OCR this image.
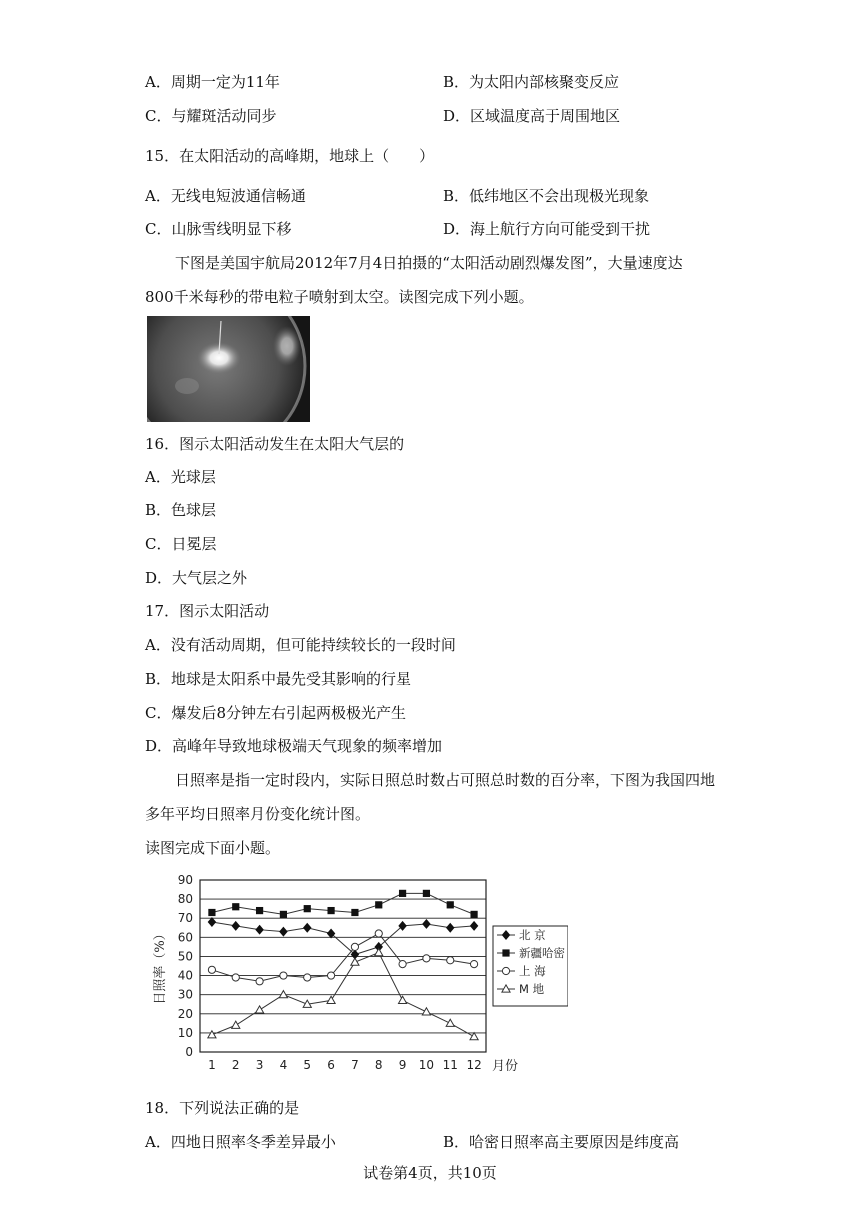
A．周期一定为11年	B．为太阳内部核聚变反应
C．与耀斑活动同步	D．区域温度高于周围地区
15．在太阳活动的高峰期，地球上（　　）
A．无线电短波通信畅通	B．低纬地区不会出现极光现象
C．山脉雪线明显下移	D．海上航行方向可能受到干扰
下图是美国宇航局2012年7月4日拍摄的“太阳活动剧烈爆发图”，大量速度达
800千米每秒的带电粒子喷射到太空。读图完成下列小题。
16．图示太阳活动发生在太阳大气层的
A．光球层
B．色球层
C．日冕层
D．大气层之外
17．图示太阳活动
A．没有活动周期，但可能持续较长的一段时间
B．地球是太阳系中最先受其影响的行星
C．爆发后8分钟左右引起两极极光产生
D．高峰年导致地球极端天气现象的频率增加
日照率是指一定时段内，实际日照总时数占可照总时数的百分率，下图为我国四地
多年平均日照率月份变化统计图。
读图完成下面小题。
0
10
20
30
40
50
60
70
80
90
1 2 3 4 5 6 7 8 9 10 11 12 月份
日照率（%）	北 京
新疆哈密
上 海
M 地
18．下列说法正确的是
A．四地日照率冬季差异最小	B．哈密日照率高主要原因是纬度高
试卷第4页，共10页
